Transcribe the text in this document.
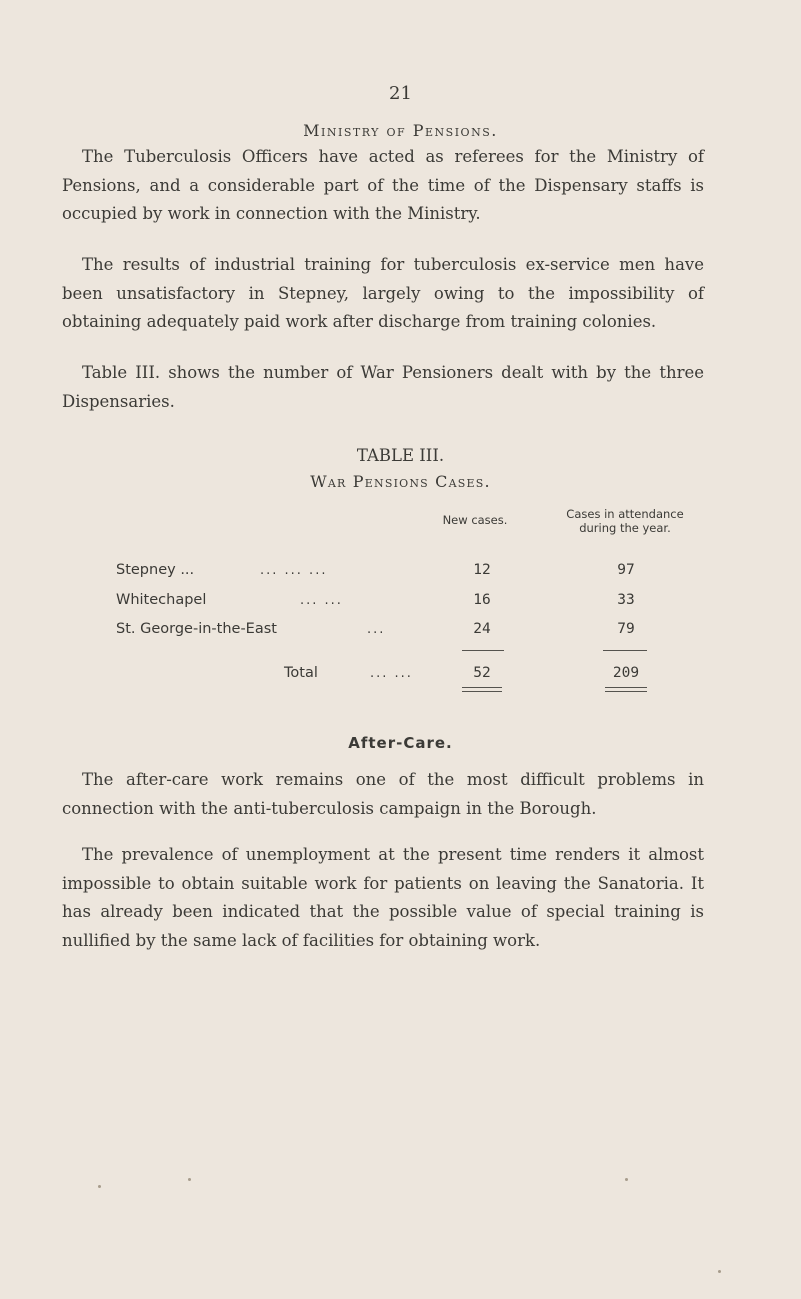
21
Ministry of Pensions.
The Tuberculosis Officers have acted as referees for the Ministry of Pensions, and a considerable part of the time of the Dispensary staffs is occupied by work in connection with the Ministry.
The results of industrial training for tuberculosis ex-service men have been unsatisfactory in Stepney, largely owing to the impossibility of obtaining adequately paid work after discharge from training colonies.
Table III. shows the number of War Pensioners dealt with by the three Dispensaries.
TABLE III.
War Pensions Cases.
New cases.	Cases in attendance
during the year.
Stepney ...	... ... ...	12	97
Whitechapel	... ...	16	33
St. George-in-the-East	...	24	79
Total	... ...	52	209
After-Care.
The after-care work remains one of the most difficult problems in connection with the anti-tuberculosis campaign in the Borough.
The prevalence of unemployment at the present time renders it almost impossible to obtain suitable work for patients on leaving the Sanatoria. It has already been indicated that the possible value of special training is nullified by the same lack of facilities for obtaining work.
